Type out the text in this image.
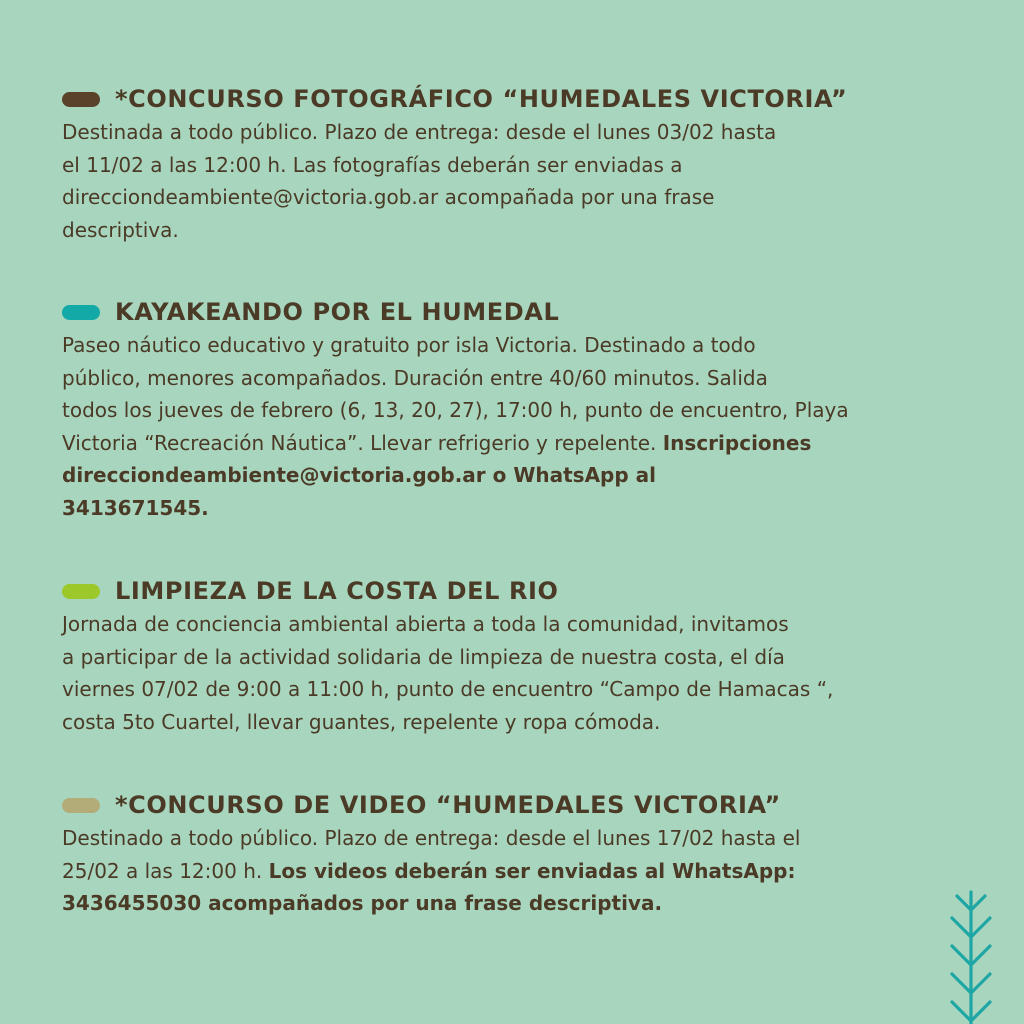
*CONCURSO FOTOGRÁFICO “HUMEDALES VICTORIA”

Destinada a todo público. Plazo de entrega: desde el lunes 03/02 hasta
el 11/02 a las 12:00 h. Las fotografías deberán ser enviadas a
direcciondeambiente@victoria.gob.ar acompañada por una frase
descriptiva.

KAYAKEANDO POR EL HUMEDAL

Paseo náutico educativo y gratuito por isla Victoria. Destinado a todo
público, menores acompañados. Duración entre 40/60 minutos. Salida
todos los jueves de febrero (6, 13, 20, 27), 17:00 h, punto de encuentro, Playa
Victoria “Recreación Náutica”. Llevar refrigerio y repelente. Inscripciones
direcciondeambiente@victoria.gob.ar o WhatsApp al
3413671545.

LIMPIEZA DE LA COSTA DEL RIO

Jornada de conciencia ambiental abierta a toda la comunidad, invitamos
a participar de la actividad solidaria de limpieza de nuestra costa, el día
viernes 07/02 de 9:00 a 11:00 h, punto de encuentro “Campo de Hamacas “,
costa 5to Cuartel, llevar guantes, repelente y ropa cómoda.

*CONCURSO DE VIDEO “HUMEDALES VICTORIA”

Destinado a todo público. Plazo de entrega: desde el lunes 17/02 hasta el
25/02 a las 12:00 h. Los videos deberán ser enviadas al WhatsApp:
3436455030 acompañados por una frase descriptiva.
